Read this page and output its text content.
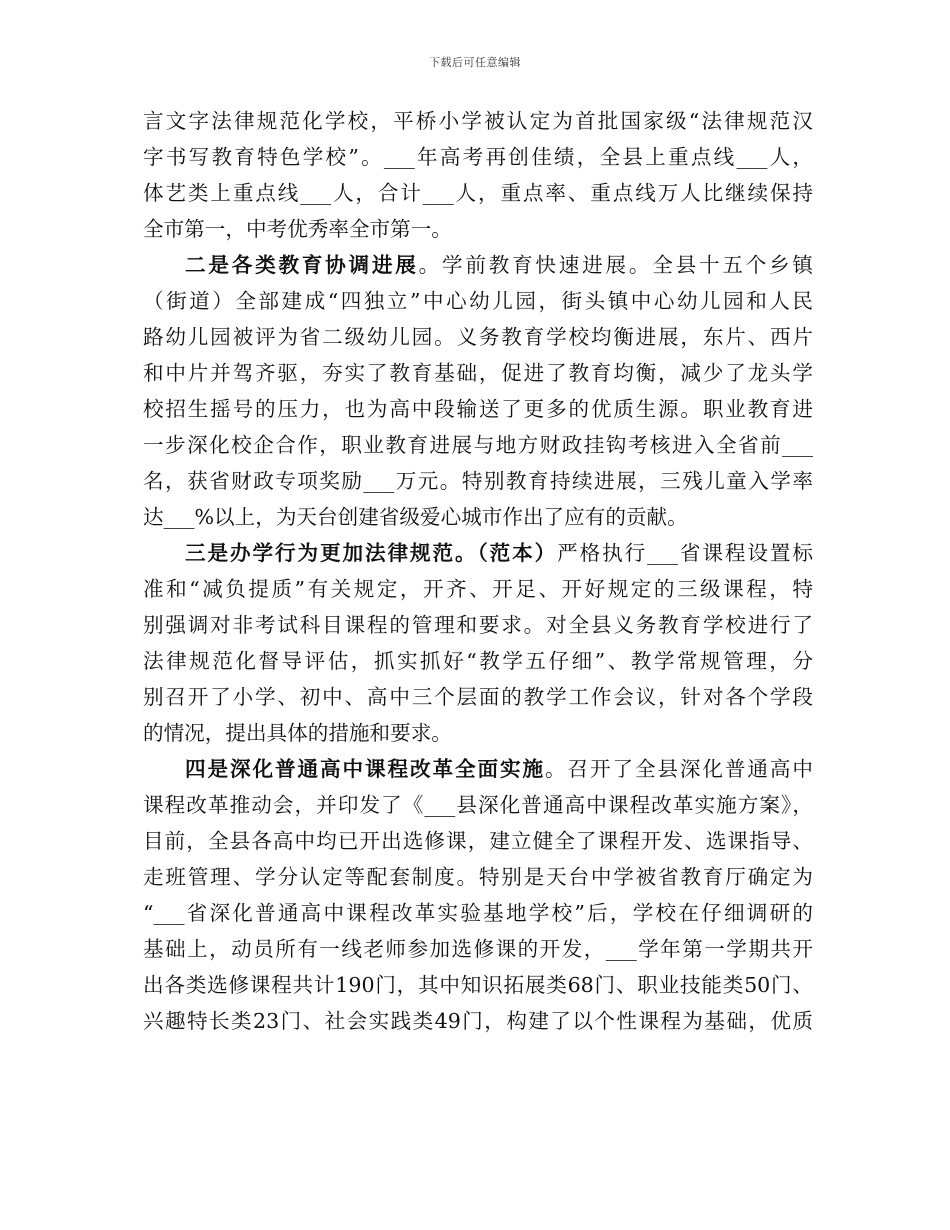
下载后可任意编辑
言文字法律规范化学校，平桥小学被认定为首批国家级“法律规范汉
字书写教育特色学校”。___年高考再创佳绩，全县上重点线___人，
体艺类上重点线___人，合计___人，重点率、重点线万人比继续保持
全市第一，中考优秀率全市第一。
二是各类教育协调进展。学前教育快速进展。全县十五个乡镇
（街道）全部建成“四独立”中心幼儿园，街头镇中心幼儿园和人民
路幼儿园被评为省二级幼儿园。义务教育学校均衡进展，东片、西片
和中片并驾齐驱，夯实了教育基础，促进了教育均衡，减少了龙头学
校招生摇号的压力，也为高中段输送了更多的优质生源。职业教育进
一步深化校企合作，职业教育进展与地方财政挂钩考核进入全省前___
名，获省财政专项奖励___万元。特别教育持续进展，三残儿童入学率
达___%以上，为天台创建省级爱心城市作出了应有的贡献。
三是办学行为更加法律规范。（范本）严格执行___省课程设置标
准和“减负提质”有关规定，开齐、开足、开好规定的三级课程，特
别强调对非考试科目课程的管理和要求。对全县义务教育学校进行了
法律规范化督导评估，抓实抓好“教学五仔细”、教学常规管理，分
别召开了小学、初中、高中三个层面的教学工作会议，针对各个学段
的情况，提出具体的措施和要求。
四是深化普通高中课程改革全面实施。召开了全县深化普通高中
课程改革推动会，并印发了《___县深化普通高中课程改革实施方案》，
目前，全县各高中均已开出选修课，建立健全了课程开发、选课指导、
走班管理、学分认定等配套制度。特别是天台中学被省教育厅确定为
“___省深化普通高中课程改革实验基地学校”后，学校在仔细调研的
基础上，动员所有一线老师参加选修课的开发，___学年第一学期共开
出各类选修课程共计190门，其中知识拓展类68门、职业技能类50门、
兴趣特长类23门、社会实践类49门，构建了以个性课程为基础，优质
